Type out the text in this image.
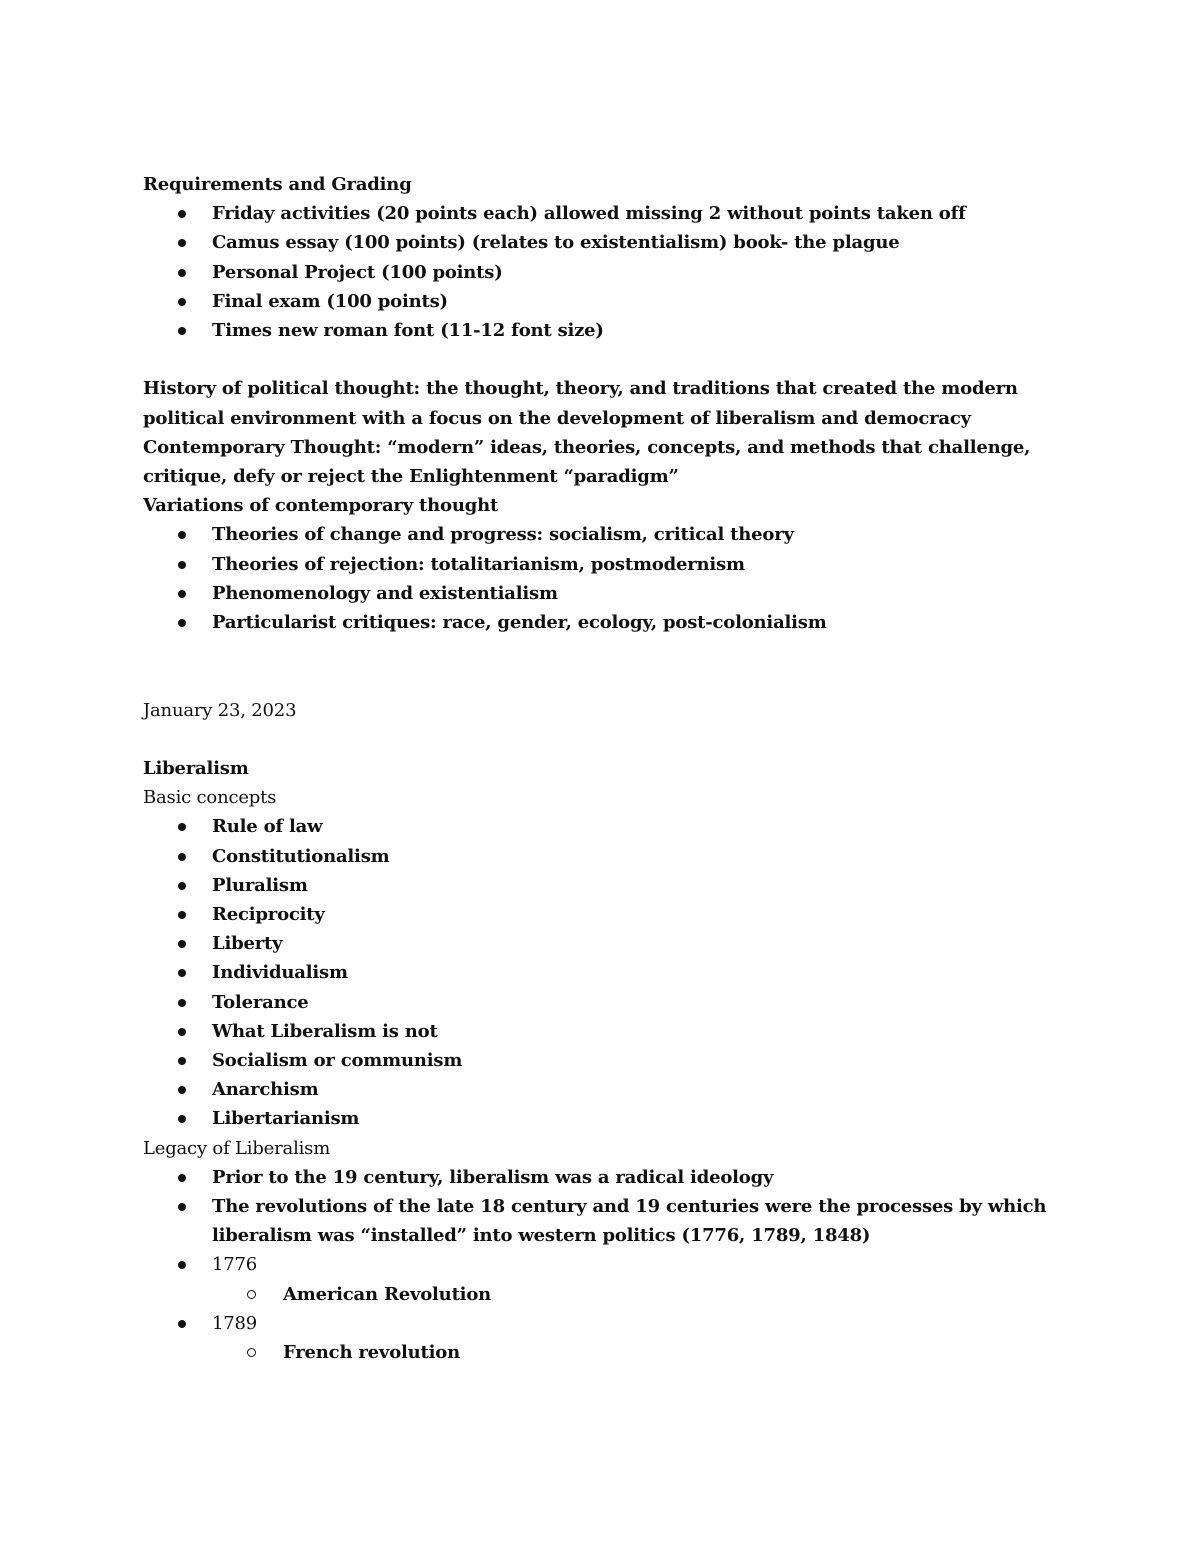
Requirements and Grading

Friday activities (20 points each) allowed missing 2 without points taken off
Camus essay (100 points) (relates to existentialism) book- the plague
Personal Project (100 points)
Final exam (100 points)
Times new roman font (11-12 font size)

History of political thought: the thought, theory, and traditions that created the modern political environment with a focus on the development of liberalism and democracy

Contemporary Thought: “modern” ideas, theories, concepts, and methods that challenge, critique, defy or reject the Enlightenment “paradigm”

Variations of contemporary thought

Theories of change and progress: socialism, critical theory
Theories of rejection: totalitarianism, postmodernism
Phenomenology and existentialism
Particularist critiques: race, gender, ecology, post-colonialism

January 23, 2023

Liberalism

Basic concepts

Rule of law
Constitutionalism
Pluralism
Reciprocity
Liberty
Individualism
Tolerance
What Liberalism is not
Socialism or communism
Anarchism
Libertarianism

Legacy of Liberalism

Prior to the 19 century, liberalism was a radical ideology
The revolutions of the late 18 century and 19 centuries were the processes by which liberalism was “installed” into western politics (1776, 1789, 1848)
1776
American Revolution
1789
French revolution
